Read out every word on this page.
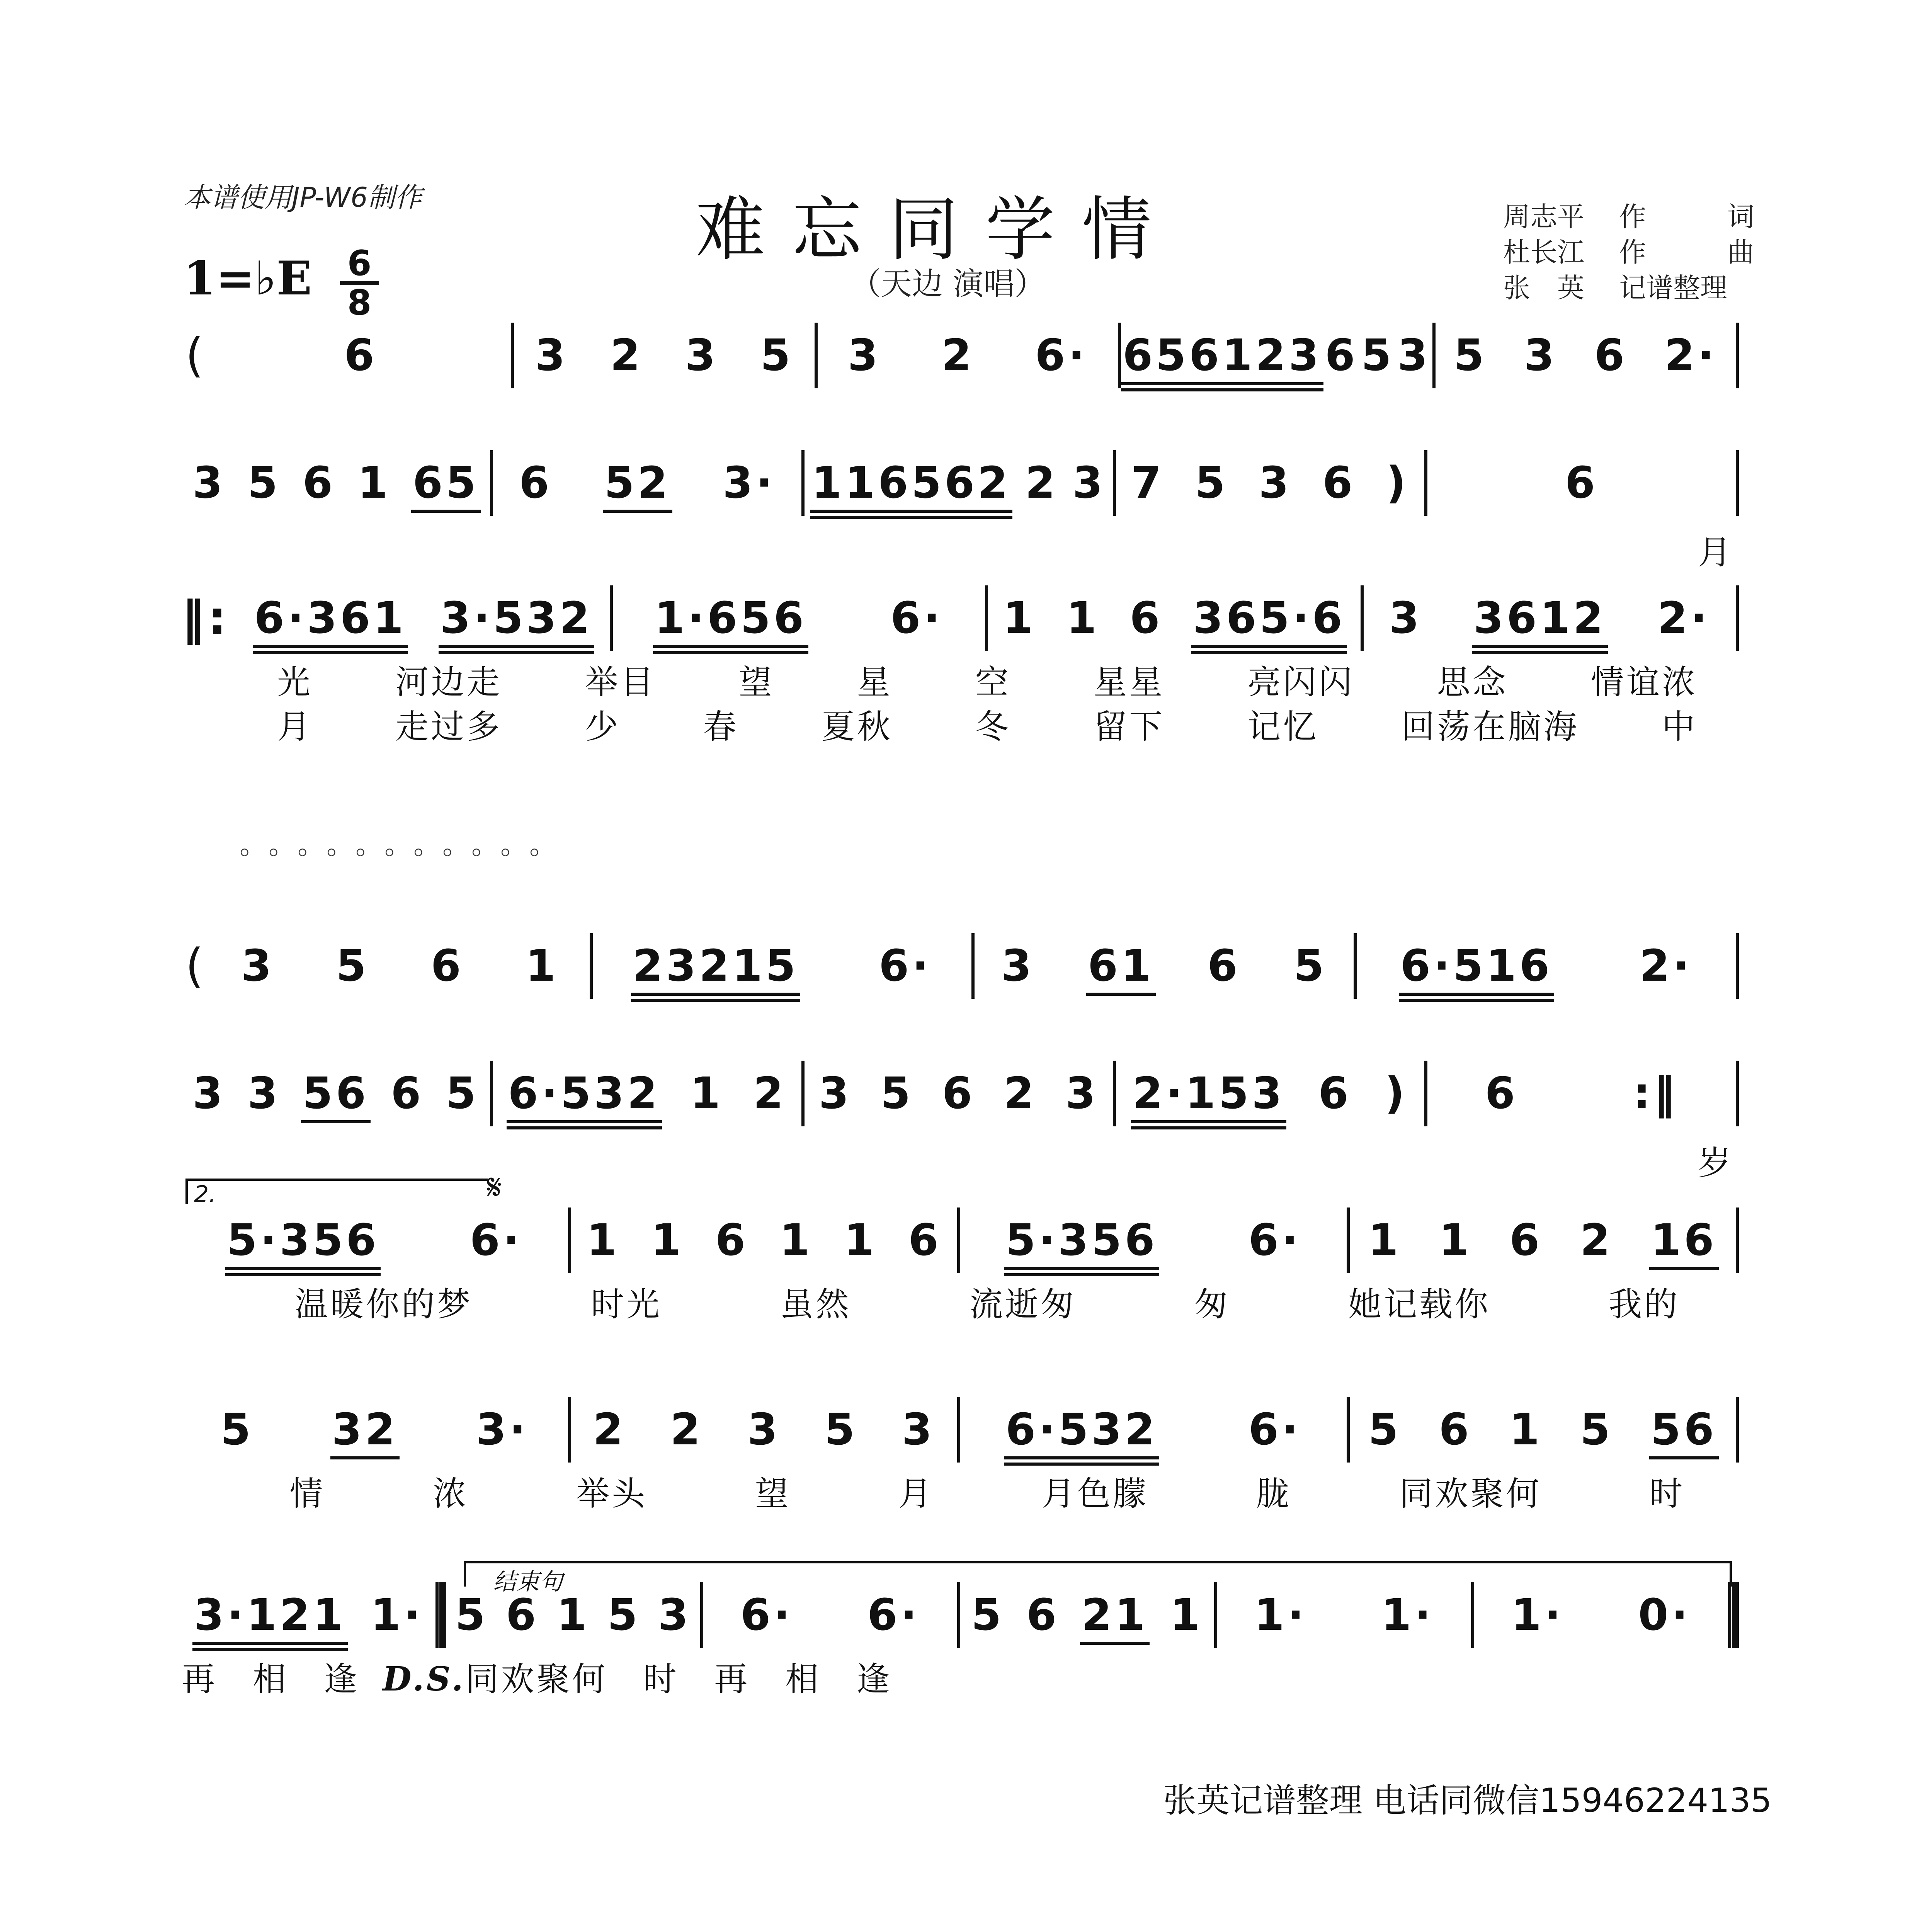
本谱使用JP-W6制作	难忘同学情
（天边 演唱）
周志平	作　词
杜长江	作　曲
张　英	记谱整理
1=♭E 6
8
(	6	3 2 3 5 3 2 6· 656123 6 5 3 5 3 6 2·
3 5 6 1 65 6 52 3· 116562 2 3 7 5 3 6 )	6
月
‖: 6·361 3·532 1·656 6· 1 1 6 365·6 3 3612 2·
光 河边走 举目 望 星 空 星星 亮闪闪 思念 情谊浓
月 走过多 少 春 夏秋 冬 留下 记忆 回荡在脑海 中
。。。。。。。。。。。
( 3 5 6 1 23215 6· 3 61 6 5 6·516 2·
3 3 56 6 5 6·532 1 2 3 5 6 2 3 2·153 6 ) 6	:‖
岁
2.	𝄋
5·356 6· 1 1 6 1 1 6 5·356 6· 1 1 6 2 16
温暖你的梦	时光	虽然	流逝匆	匆	她记载你	我的
5 32 3· 2 2 3 5 3 6·532 6· 5 6 1 5 56
情	浓	举头	望	月	月色朦	胧	同欢聚何	时
结束句
3·121 1· 5 6 1 5 3 6· 6· 5 6 21 1 1· 1· 1· 0·
再　相　逢 D.S.同欢聚何　时　再　相　逢
张英记谱整理 电话同微信15946224135
